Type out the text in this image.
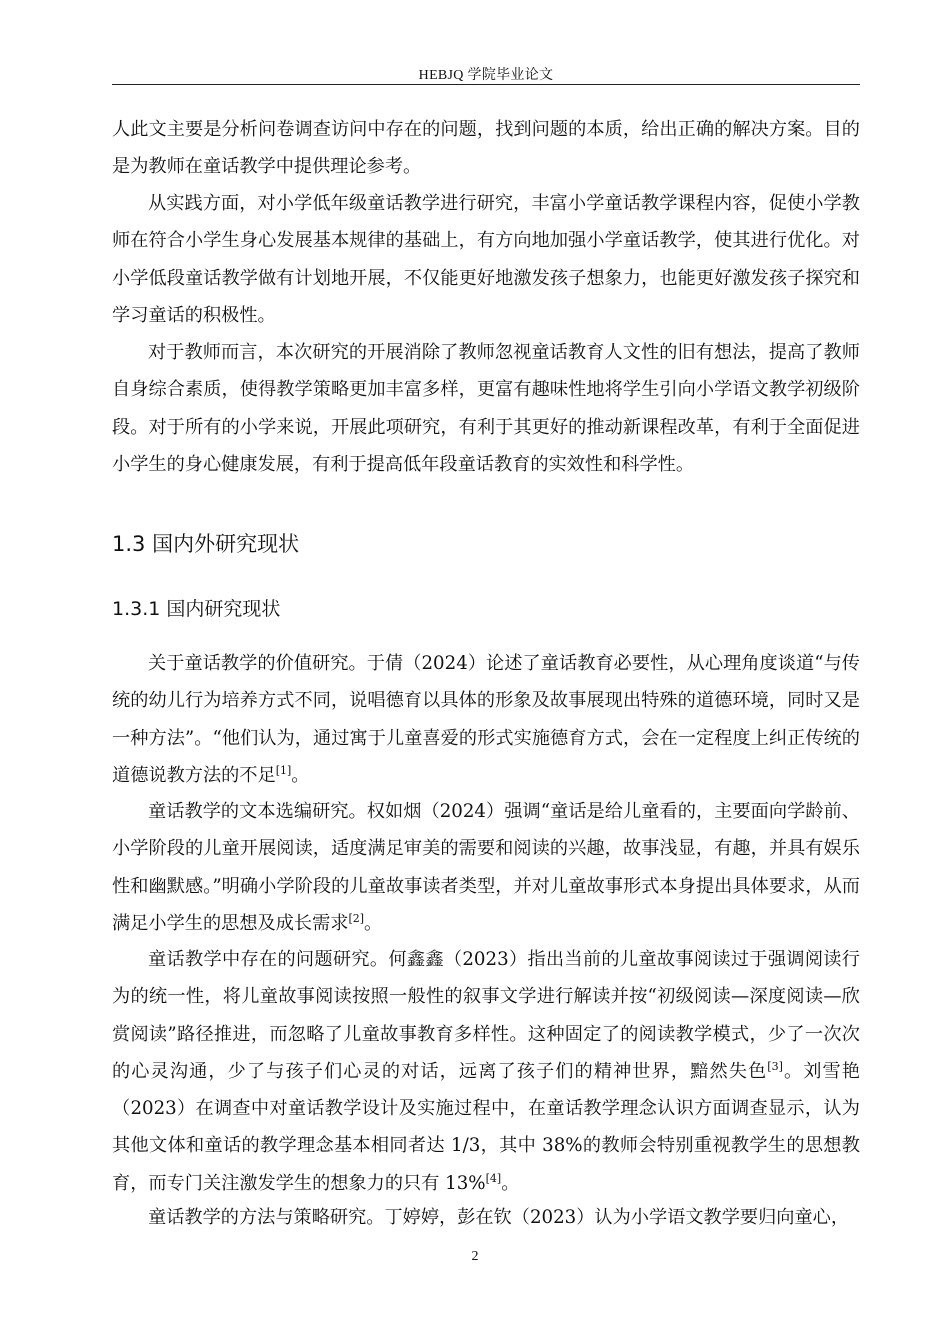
HEBJQ 学院毕业论文

人此文主要是分析问卷调查访问中存在的问题，找到问题的本质，给出正确的解决方案。目的是为教师在童话教学中提供理论参考。

从实践方面，对小学低年级童话教学进行研究，丰富小学童话教学课程内容，促使小学教师在符合小学生身心发展基本规律的基础上，有方向地加强小学童话教学，使其进行优化。对小学低段童话教学做有计划地开展，不仅能更好地激发孩子想象力，也能更好激发孩子探究和学习童话的积极性。

对于教师而言，本次研究的开展消除了教师忽视童话教育人文性的旧有想法，提高了教师自身综合素质，使得教学策略更加丰富多样，更富有趣味性地将学生引向小学语文教学初级阶段。对于所有的小学来说，开展此项研究，有利于其更好的推动新课程改革，有利于全面促进小学生的身心健康发展，有利于提高低年段童话教育的实效性和科学性。

1.3 国内外研究现状
1.3.1 国内研究现状

关于童话教学的价值研究。于倩（2024）论述了童话教育必要性，从心理角度谈道“与传统的幼儿行为培养方式不同，说唱德育以具体的形象及故事展现出特殊的道德环境，同时又是一种方法”。“他们认为，通过寓于儿童喜爱的形式实施德育方式，会在一定程度上纠正传统的道德说教方法的不足[1]。

童话教学的文本选编研究。权如烟（2024）强调“童话是给儿童看的，主要面向学龄前、小学阶段的儿童开展阅读，适度满足审美的需要和阅读的兴趣，故事浅显，有趣，并具有娱乐性和幽默感。”明确小学阶段的儿童故事读者类型，并对儿童故事形式本身提出具体要求，从而满足小学生的思想及成长需求[2]。

童话教学中存在的问题研究。何鑫鑫（2023）指出当前的儿童故事阅读过于强调阅读行为的统一性，将儿童故事阅读按照一般性的叙事文学进行解读并按“初级阅读—深度阅读—欣赏阅读”路径推进，而忽略了儿童故事教育多样性。这种固定了的阅读教学模式，少了一次次的心灵沟通，少了与孩子们心灵的对话，远离了孩子们的精神世界，黯然失色[3]。刘雪艳（2023）在调查中对童话教学设计及实施过程中，在童话教学理念认识方面调查显示，认为其他文体和童话的教学理念基本相同者达 1/3，其中 38%的教师会特别重视教学生的思想教育，而专门关注激发学生的想象力的只有 13%[4]。

童话教学的方法与策略研究。丁婷婷，彭在钦（2023）认为小学语文教学要归向童心，

2
